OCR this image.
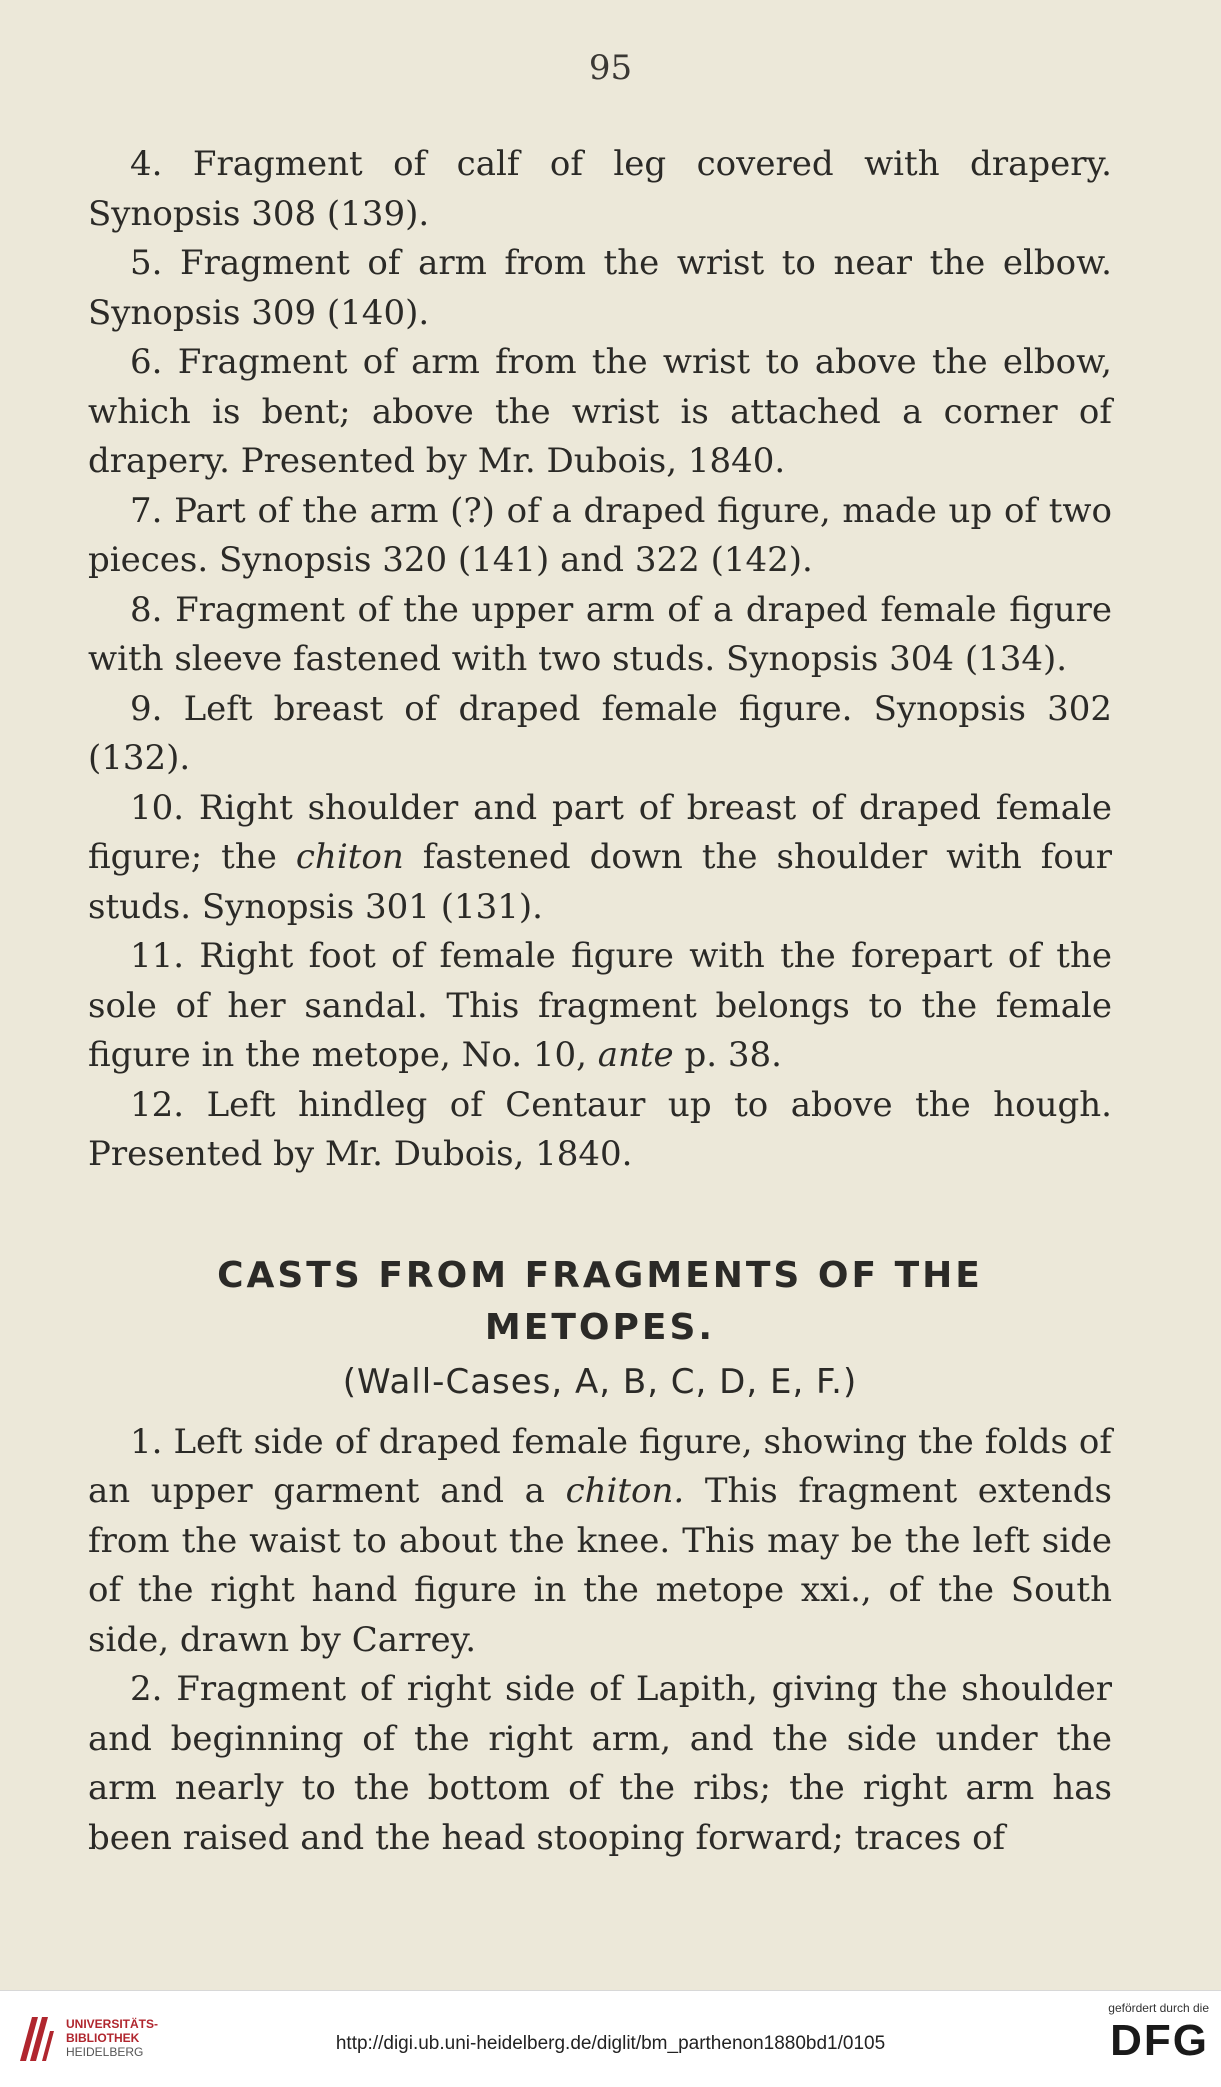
95

4. Fragment of calf of leg covered with drapery. Synopsis 308 (139).

5. Fragment of arm from the wrist to near the elbow. Synopsis 309 (140).

6. Fragment of arm from the wrist to above the elbow, which is bent; above the wrist is attached a corner of drapery. Presented by Mr. Dubois, 1840.

7. Part of the arm (?) of a draped figure, made up of two pieces. Synopsis 320 (141) and 322 (142).

8. Fragment of the upper arm of a draped female figure with sleeve fastened with two studs. Synopsis 304 (134).

9. Left breast of draped female figure. Synopsis 302 (132).

10. Right shoulder and part of breast of draped female figure; the chiton fastened down the shoulder with four studs. Synopsis 301 (131).

11. Right foot of female figure with the forepart of the sole of her sandal. This fragment belongs to the female figure in the metope, No. 10, ante p. 38.

12. Left hindleg of Centaur up to above the hough. Presented by Mr. Dubois, 1840.

CASTS FROM FRAGMENTS OF THE
METOPES.
(Wall-Cases, A, B, C, D, E, F.)

1. Left side of draped female figure, showing the folds of an upper garment and a chiton. This fragment extends from the waist to about the knee. This may be the left side of the right hand figure in the metope xxi., of the South side, drawn by Carrey.

2. Fragment of right side of Lapith, giving the shoulder and beginning of the right arm, and the side under the arm nearly to the bottom of the ribs; the right arm has been raised and the head stooping forward; traces of

UNIVERSITÄTS-
BIBLIOTHEK
HEIDELBERG	http://digi.ub.uni-heidelberg.de/diglit/bm_parthenon1880bd1/0105
gefördert durch die
DFG
